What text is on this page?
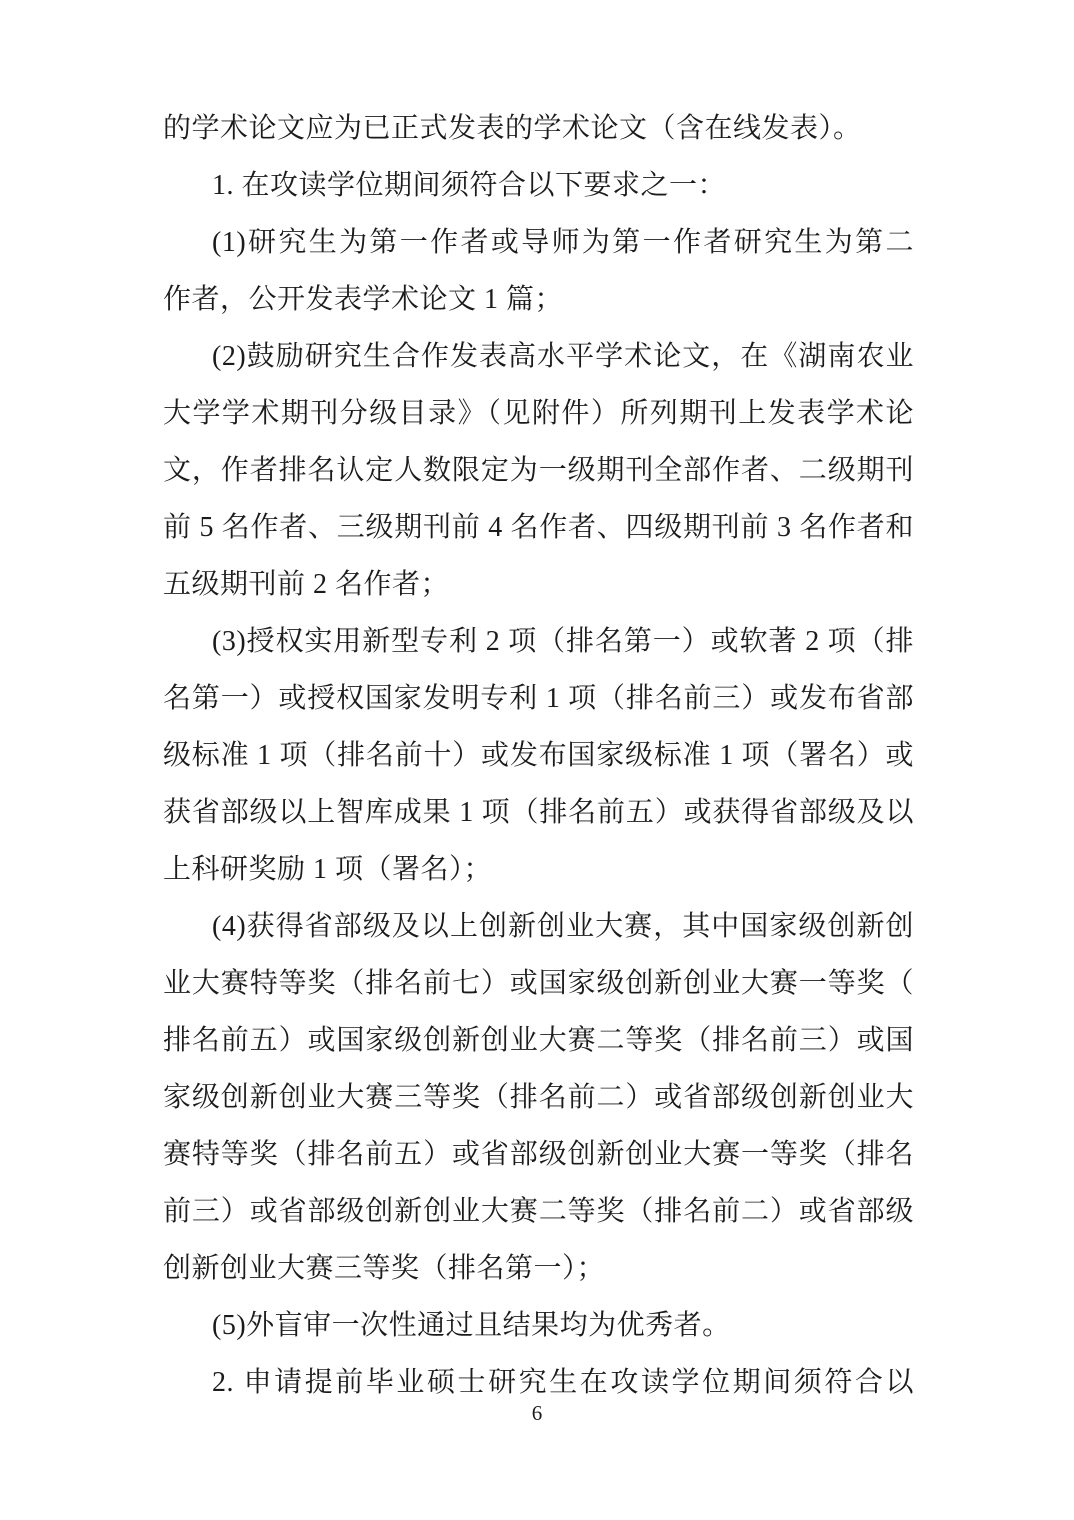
的学术论文应为已正式发表的学术论文（含在线发表）。
1. 在攻读学位期间须符合以下要求之一：
(1)研究生为第一作者或导师为第一作者研究生为第二
作者，公开发表学术论文 1 篇；
(2)鼓励研究生合作发表高水平学术论文，在《湖南农业
大学学术期刊分级目录》（见附件）所列期刊上发表学术论
文，作者排名认定人数限定为一级期刊全部作者、二级期刊
前 5 名作者、三级期刊前 4 名作者、四级期刊前 3 名作者和
五级期刊前 2 名作者；
(3)授权实用新型专利 2 项（排名第一）或软著 2 项（排
名第一）或授权国家发明专利 1 项（排名前三）或发布省部
级标准 1 项（排名前十）或发布国家级标准 1 项（署名）或
获省部级以上智库成果 1 项（排名前五）或获得省部级及以
上科研奖励 1 项（署名）；
(4)获得省部级及以上创新创业大赛，其中国家级创新创
业大赛特等奖（排名前七）或国家级创新创业大赛一等奖（
排名前五）或国家级创新创业大赛二等奖（排名前三）或国
家级创新创业大赛三等奖（排名前二）或省部级创新创业大
赛特等奖（排名前五）或省部级创新创业大赛一等奖（排名
前三）或省部级创新创业大赛二等奖（排名前二）或省部级
创新创业大赛三等奖（排名第一）；
(5)外盲审一次性通过且结果均为优秀者。
2. 申请提前毕业硕士研究生在攻读学位期间须符合以
6
